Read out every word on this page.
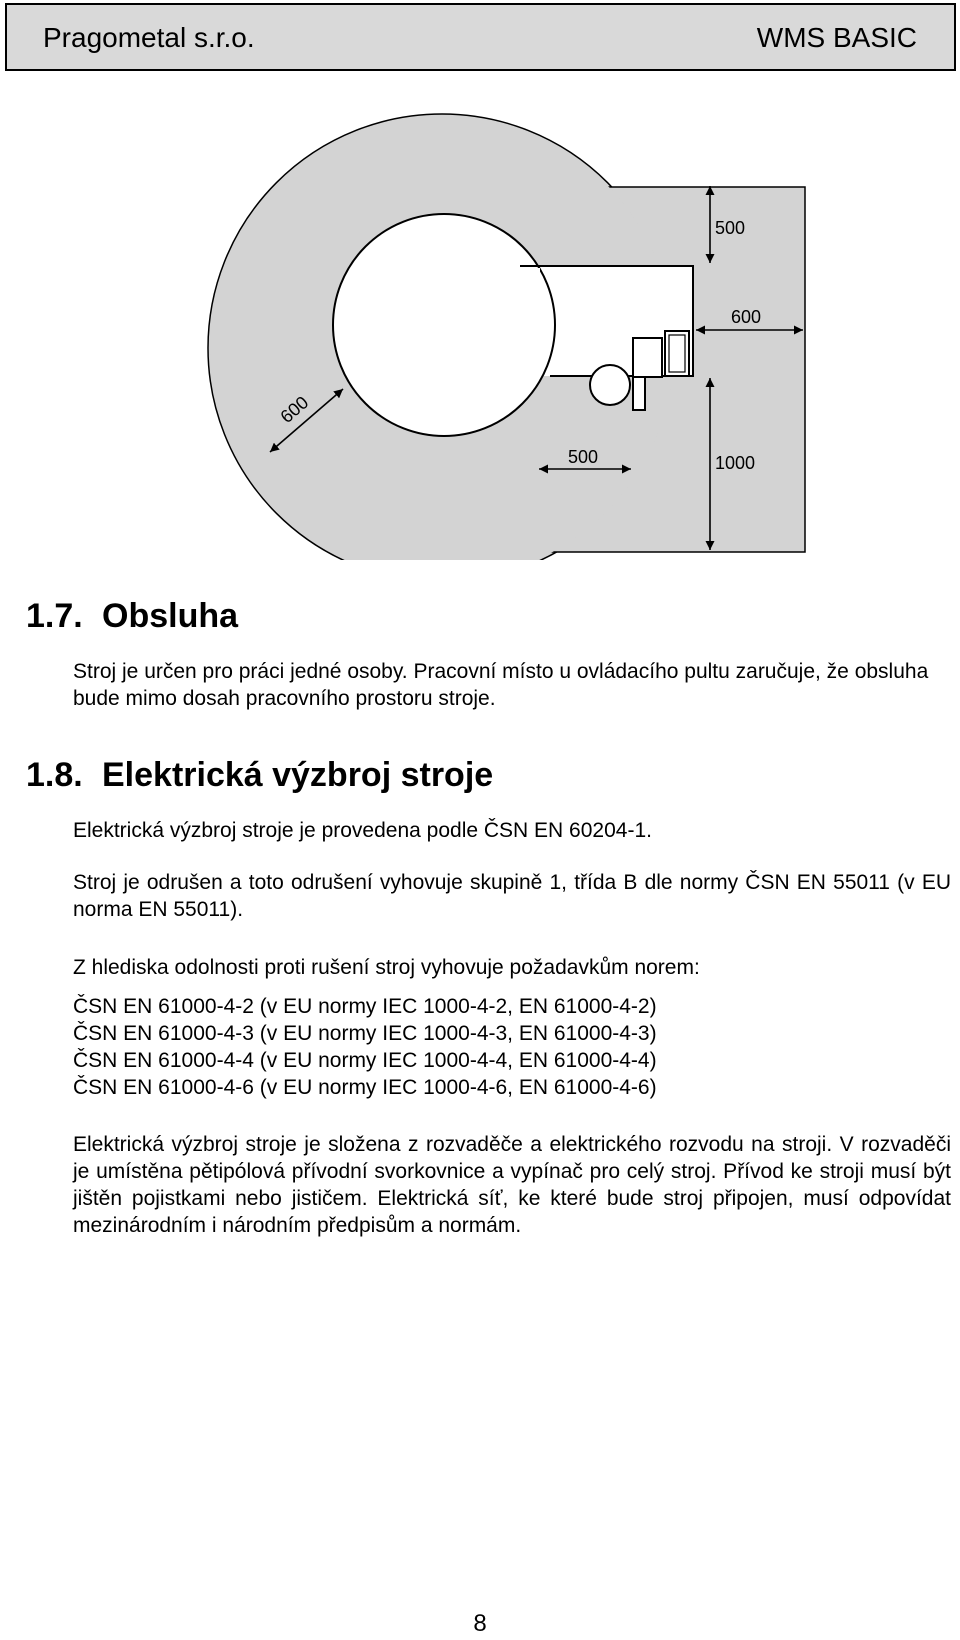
Pragometal s.r.o.	WMS BASIC
500
600
600
500	1000
1.7. Obsluha
Stroj je určen pro práci jedné osoby. Pracovní místo u ovládacího pultu zaručuje, že obsluha bude mimo dosah pracovního prostoru stroje.
1.8. Elektrická výzbroj stroje
Elektrická výzbroj stroje je provedena podle ČSN EN 60204-1.
Stroj je odrušen a toto odrušení vyhovuje skupině 1, třída B dle normy ČSN EN 55011 (v EU norma EN 55011).
Z hlediska odolnosti proti rušení stroj vyhovuje požadavkům norem:
ČSN EN 61000-4-2 (v EU normy IEC 1000-4-2, EN 61000-4-2)
ČSN EN 61000-4-3 (v EU normy IEC 1000-4-3, EN 61000-4-3)
ČSN EN 61000-4-4 (v EU normy IEC 1000-4-4, EN 61000-4-4)
ČSN EN 61000-4-6 (v EU normy IEC 1000-4-6, EN 61000-4-6)
Elektrická výzbroj stroje je složena z rozvaděče a elektrického rozvodu na stroji. V rozvaděči je umístěna pětipólová přívodní svorkovnice a vypínač pro celý stroj. Přívod ke stroji musí být jištěn pojistkami nebo jističem. Elektrická síť, ke které bude stroj připojen, musí odpovídat mezinárodním i národním předpisům a normám.
8
